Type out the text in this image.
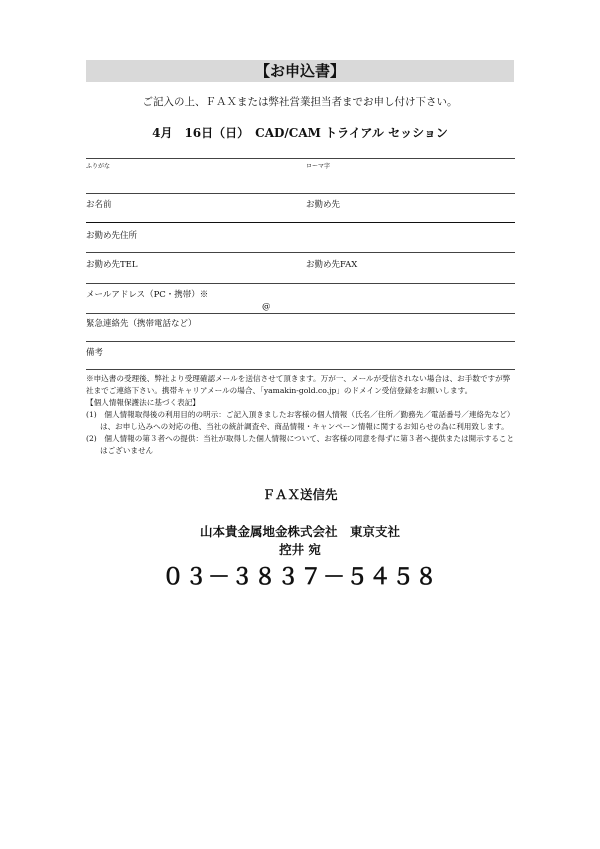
【お申込書】
ご記入の上、ＦＡＸまたは弊社営業担当者までお申し付け下さい。
4月　16日（日）　CAD/CAM トライアル セッション
ふりがな	ローマ字
お名前	お勤め先
お勤め先住所
お勤め先TEL	お勤め先FAX
メールアドレス（PC・携帯）※
@
緊急連絡先（携帯電話など）
備考

※申込書の受理後、弊社より受理確認メールを送信させて頂きます。万が一、メールが受信されない場合は、お手数ですが弊社までご連絡下さい。携帯キャリアメールの場合、「yamakin-gold.co.jp」のドメイン受信登録をお願いします。

【個人情報保護法に基づく表記】

(1)　個人情報取得後の利用目的の明示：ご記入頂きましたお客様の個人情報（氏名／住所／勤務先／電話番号／連絡先など）は、お申し込みへの対応の他、当社の統計調査や、商品情報・キャンペーン情報に関するお知らせの為に利用致します。

(2)　個人情報の第３者への提供：当社が取得した個人情報について、お客様の同意を得ずに第３者へ提供または開示することはございません

ＦＡＸ送信先
山本貴金属地金株式会社　東京支社
控井 宛
０３－３８３７－５４５８
